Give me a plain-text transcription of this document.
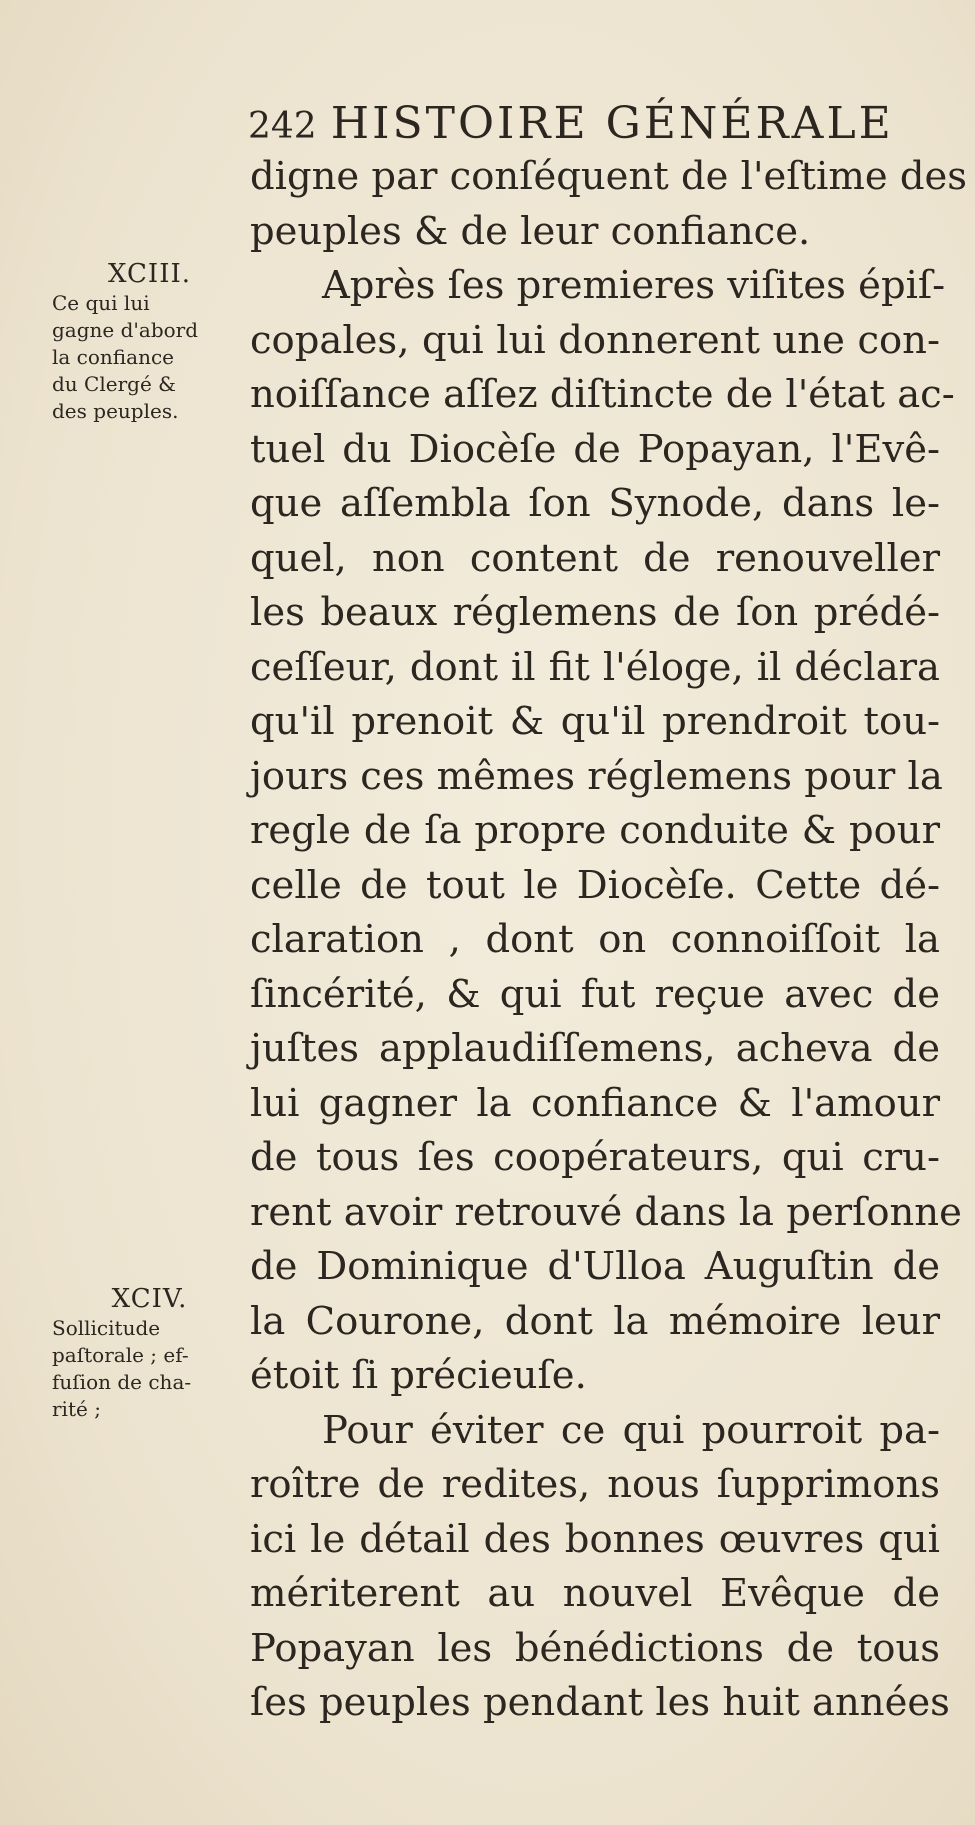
242 HISTOIRE GÉNÉRALE
XCIII.
Ce qui lui
gagne d'abord
la confiance
du Clergé &
des peuples.
XCIV.
Sollicitude
paſtorale ; ef-
fuſion de cha-
rité ;
digne par conſéquent de l'eſtime des
peuples & de leur confiance.
Après ſes premieres viſites épiſ-
copales, qui lui donnerent une con-
noiſſance aſſez diſtincte de l'état ac-
tuel du Diocèſe de Popayan, l'Evê-
que aſſembla ſon Synode, dans le-
quel, non content de renouveller
les beaux réglemens de ſon prédé-
ceſſeur, dont il fit l'éloge, il déclara
qu'il prenoit & qu'il prendroit tou-
jours ces mêmes réglemens pour la
regle de ſa propre conduite & pour
celle de tout le Diocèſe. Cette dé-
claration , dont on connoiſſoit la
ſincérité, & qui fut reçue avec de
juſtes applaudiſſemens, acheva de
lui gagner la confiance & l'amour
de tous ſes coopérateurs, qui cru-
rent avoir retrouvé dans la perſonne
de Dominique d'Ulloa Auguſtin de
la Courone, dont la mémoire leur
étoit ſi précieuſe.
Pour éviter ce qui pourroit pa-
roître de redites, nous ſupprimons
ici le détail des bonnes œuvres qui
mériterent au nouvel Evêque de
Popayan les bénédictions de tous
ſes peuples pendant les huit années
